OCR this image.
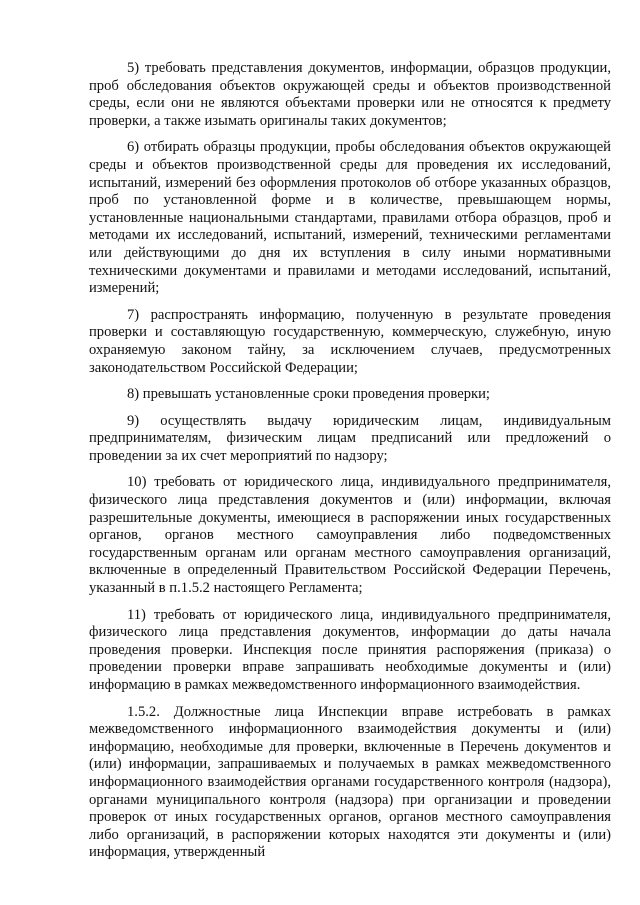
5) требовать представления документов, информации, образцов продукции, проб обследования объектов окружающей среды и объектов производственной среды, если они не являются объектами проверки или не относятся к предмету проверки, а также изымать оригиналы таких документов;

6) отбирать образцы продукции, пробы обследования объектов окружающей среды и объектов производственной среды для проведения их исследований, испытаний, измерений без оформления протоколов об отборе указанных образцов, проб по установленной форме и в количестве, превышающем нормы, установленные национальными стандартами, правилами отбора образцов, проб и методами их исследований, испытаний, измерений, техническими регламентами или действующими до дня их вступления в силу иными нормативными техническими документами и правилами и методами исследований, испытаний, измерений;

7) распространять информацию, полученную в результате проведения проверки и составляющую государственную, коммерческую, служебную, иную охраняемую законом тайну, за исключением случаев, предусмотренных законодательством Российской Федерации;

8) превышать установленные сроки проведения проверки;

9) осуществлять выдачу юридическим лицам, индивидуальным предпринимателям, физическим лицам предписаний или предложений о проведении за их счет мероприятий по надзору;

10) требовать от юридического лица, индивидуального предпринимателя, физического лица представления документов и (или) информации, включая разрешительные документы, имеющиеся в распоряжении иных государственных органов, органов местного самоуправления либо подведомственных государственным органам или органам местного самоуправления организаций, включенные в определенный Правительством Российской Федерации Перечень, указанный в п.1.5.2 настоящего Регламента;

11) требовать от юридического лица, индивидуального предпринимателя, физического лица представления документов, информации до даты начала проведения проверки. Инспекция после принятия распоряжения (приказа) о проведении проверки вправе запрашивать необходимые документы и (или) информацию в рамках межведомственного информационного взаимодействия.

1.5.2. Должностные лица Инспекции вправе истребовать в рамках межведомственного информационного взаимодействия документы и (или) информацию, необходимые для проверки, включенные в Перечень документов и (или) информации, запрашиваемых и получаемых в рамках межведомственного информационного взаимодействия органами государственного контроля (надзора), органами муниципального контроля (надзора) при организации и проведении проверок от иных государственных органов, органов местного самоуправления либо организаций, в распоряжении которых находятся эти документы и (или) информация, утвержденный
